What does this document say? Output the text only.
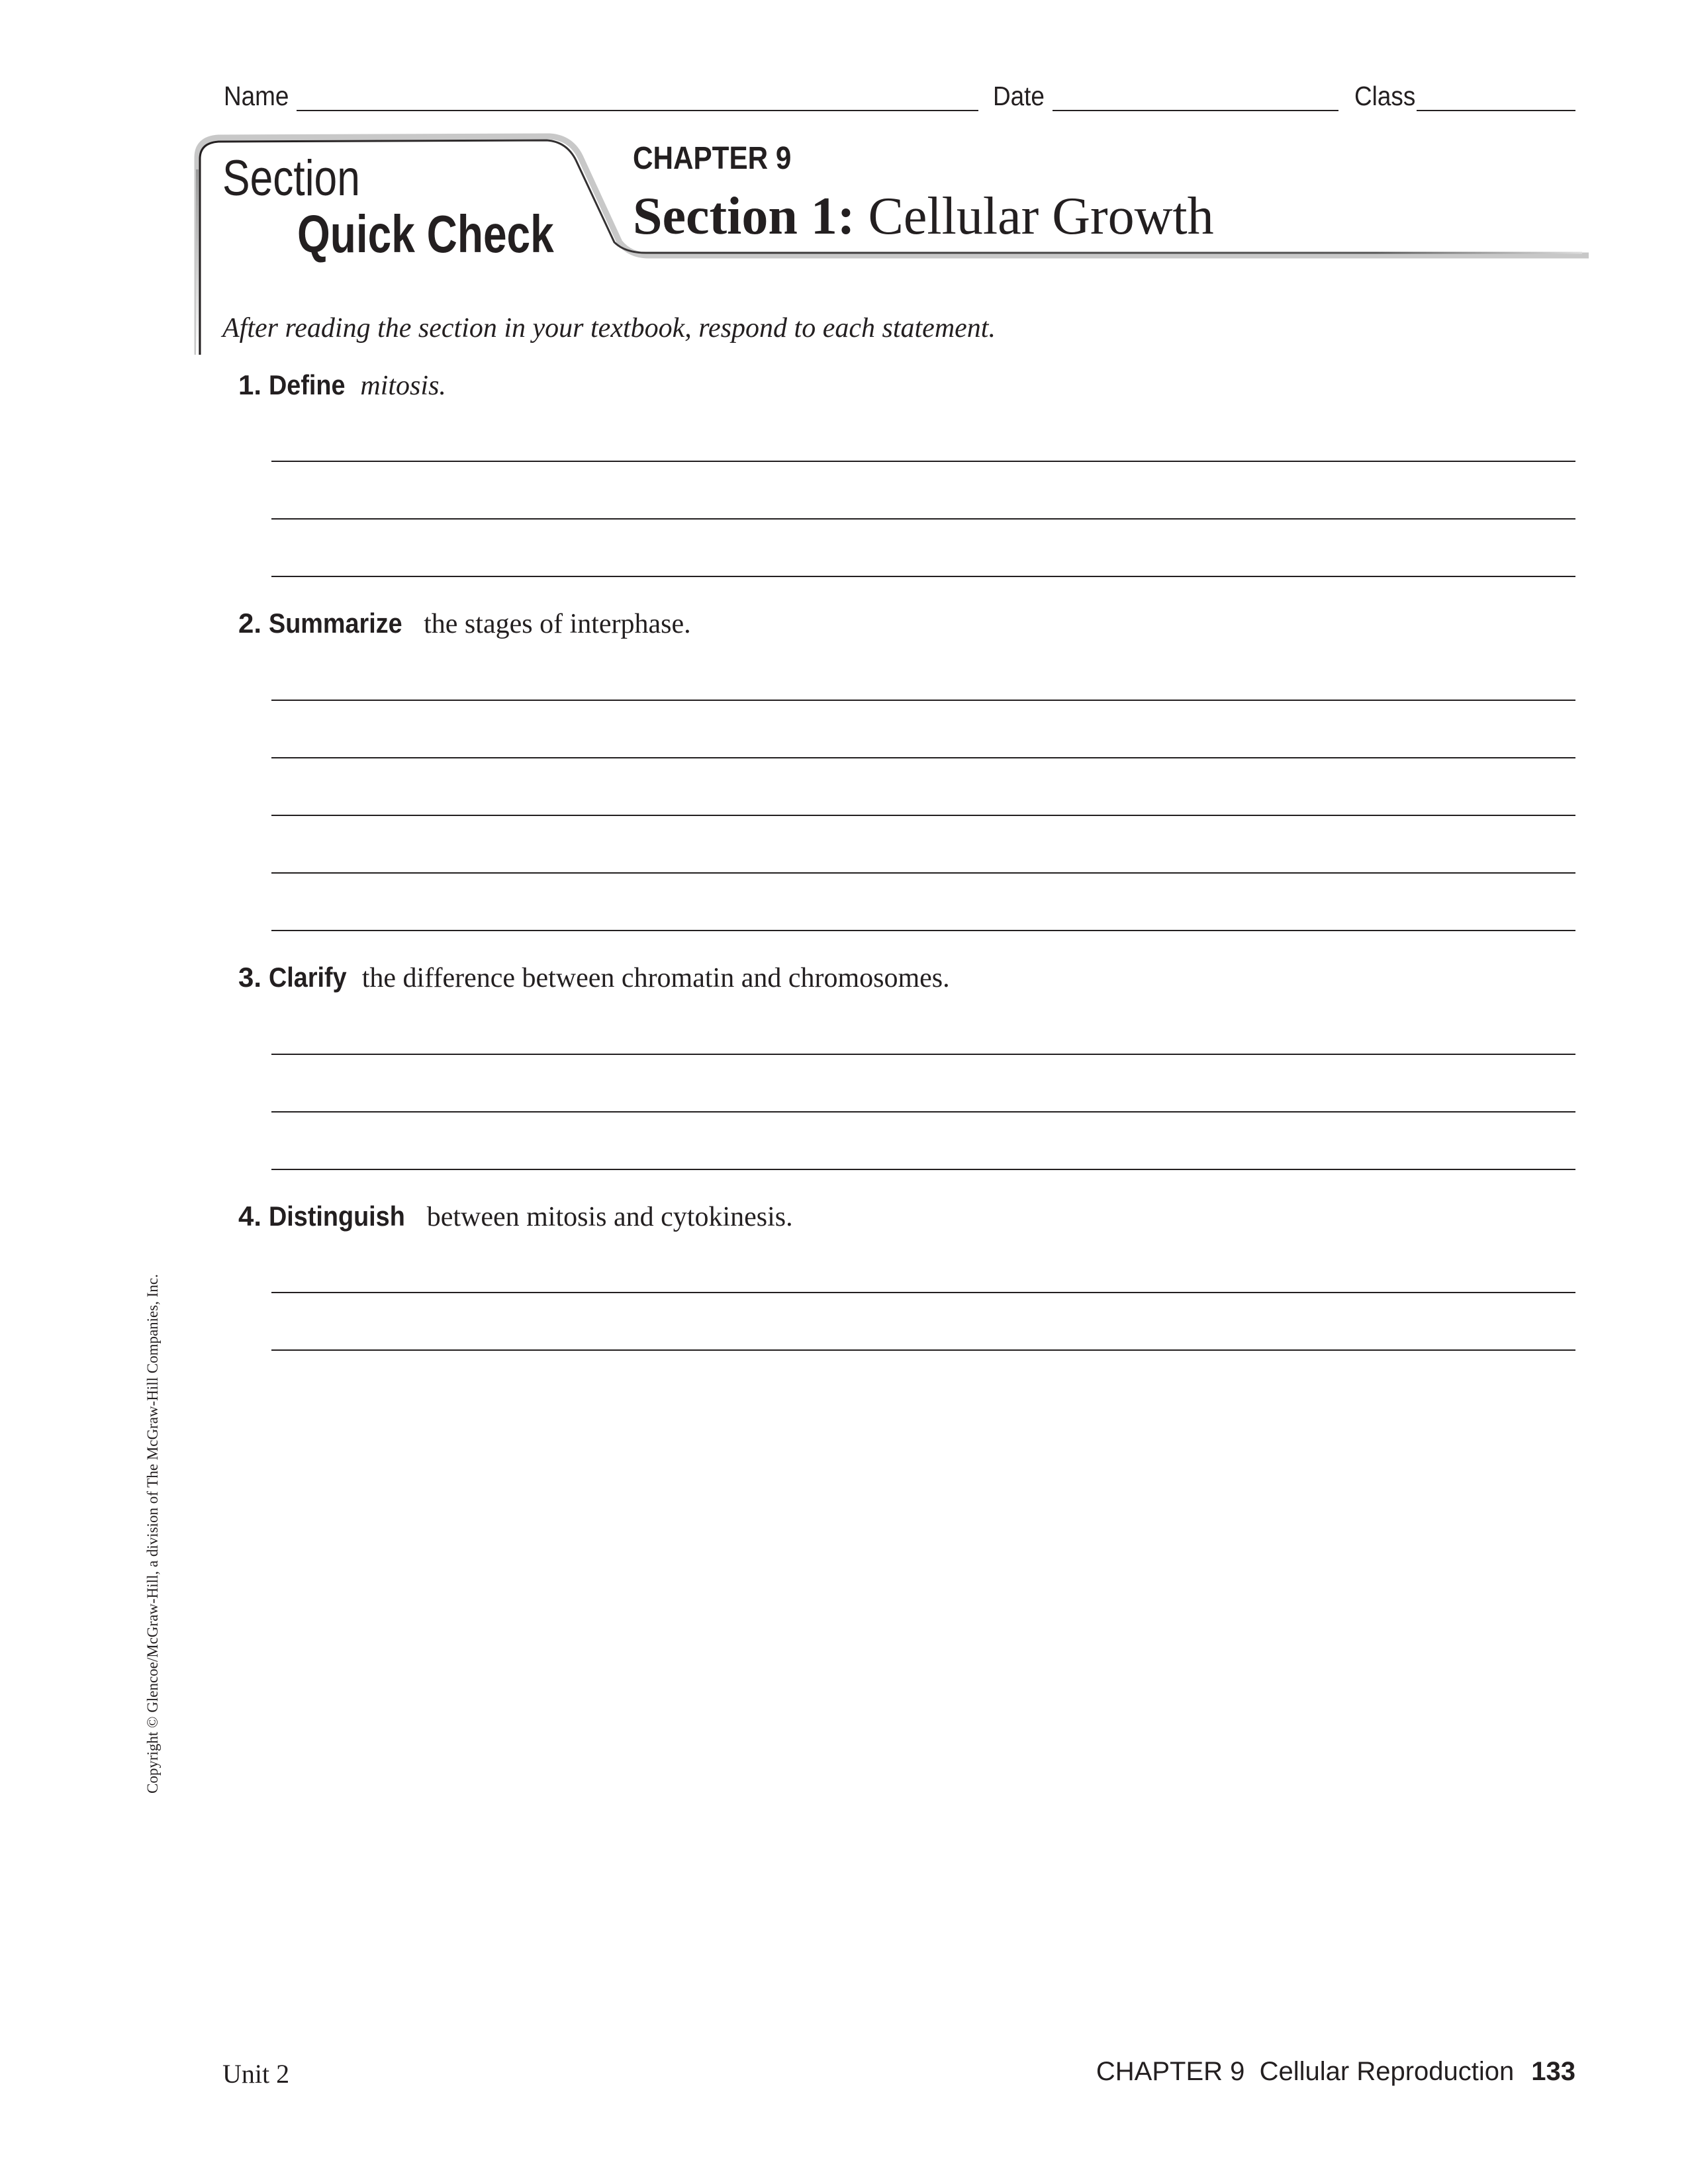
Name	Date	Class
Section
Quick Check
CHAPTER 9
Section 1: Cellular Growth
After reading the section in your textbook, respond to each statement.
1. Define mitosis.
2. Summarize the stages of interphase.
3. Clarify the difference between chromatin and chromosomes.
4. Distinguish between mitosis and cytokinesis.
Copyright © Glencoe/McGraw-Hill, a division of The McGraw-Hill Companies, Inc.
Unit 2	CHAPTER 9  Cellular Reproduction 133
